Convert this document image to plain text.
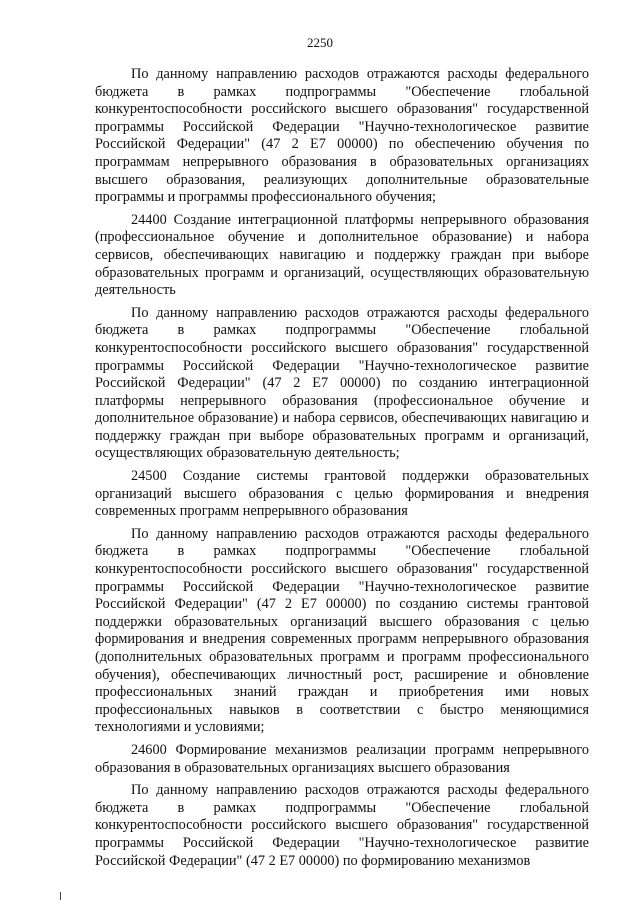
2250

По данному направлению расходов отражаются расходы федерального бюджета в рамках подпрограммы "Обеспечение глобальной конкурентоспособности российского высшего образования" государственной программы Российской Федерации "Научно-технологическое развитие Российской Федерации" (47 2 E7 00000) по обеспечению обучения по программам непрерывного образования в образовательных организациях высшего образования, реализующих дополнительные образовательные программы и программы профессионального обучения;

24400 Создание интеграционной платформы непрерывного образования (профессиональное обучение и дополнительное образование) и набора сервисов, обеспечивающих навигацию и поддержку граждан при выборе образовательных программ и организаций, осуществляющих образовательную деятельность

По данному направлению расходов отражаются расходы федерального бюджета в рамках подпрограммы "Обеспечение глобальной конкурентоспособности российского высшего образования" государственной программы Российской Федерации "Научно-технологическое развитие Российской Федерации" (47 2 E7 00000) по созданию интеграционной платформы непрерывного образования (профессиональное обучение и дополнительное образование) и набора сервисов, обеспечивающих навигацию и поддержку граждан при выборе образовательных программ и организаций, осуществляющих образовательную деятельность;

24500 Создание системы грантовой поддержки образовательных организаций высшего образования с целью формирования и внедрения современных программ непрерывного образования

По данному направлению расходов отражаются расходы федерального бюджета в рамках подпрограммы "Обеспечение глобальной конкурентоспособности российского высшего образования" государственной программы Российской Федерации "Научно-технологическое развитие Российской Федерации" (47 2 E7 00000) по созданию системы грантовой поддержки образовательных организаций высшего образования с целью формирования и внедрения современных программ непрерывного образования (дополнительных образовательных программ и программ профессионального обучения), обеспечивающих личностный рост, расширение и обновление профессиональных знаний граждан и приобретения ими новых профессиональных навыков в соответствии с быстро меняющимися технологиями и условиями;

24600 Формирование механизмов реализации программ непрерывного образования в образовательных организациях высшего образования

По данному направлению расходов отражаются расходы федерального бюджета в рамках подпрограммы "Обеспечение глобальной конкурентоспособности российского высшего образования" государственной программы Российской Федерации "Научно-технологическое развитие Российской Федерации" (47 2 E7 00000) по формированию механизмов
